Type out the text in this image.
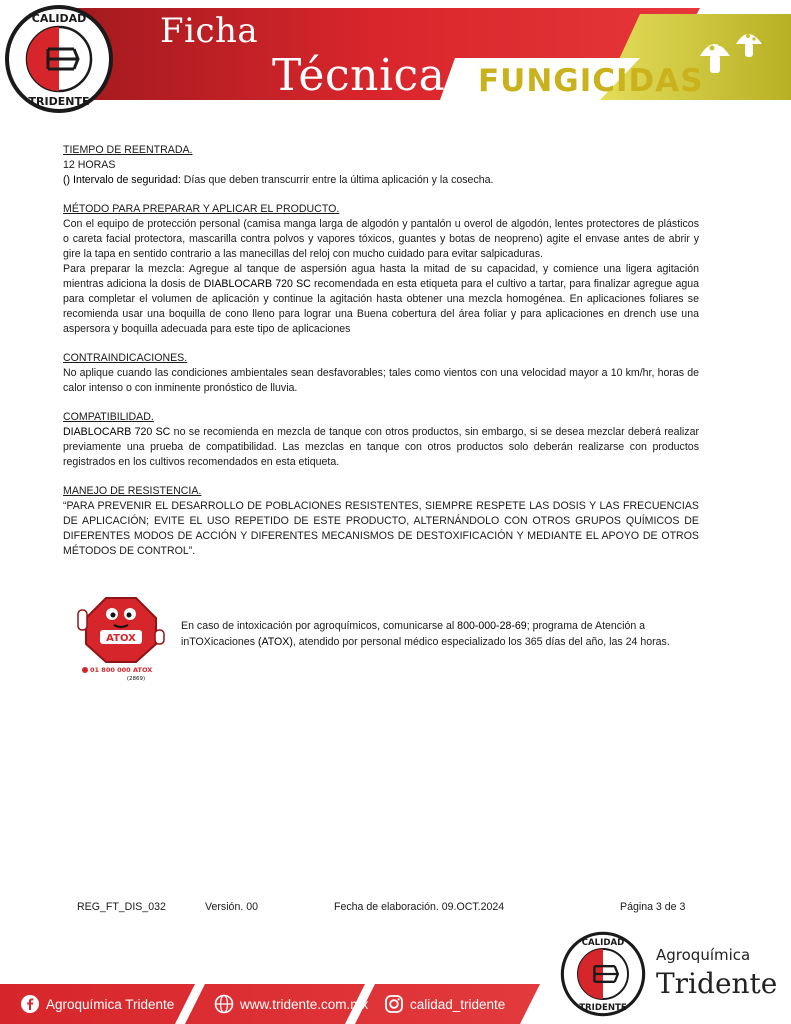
CALIDAD
TRIDENTE
Ficha
Técnica FUNGICIDAS

TIEMPO DE REENTRADA.

12 HORAS

() Intervalo de seguridad: Días que deben transcurrir entre la última aplicación y la cosecha.

MÉTODO PARA PREPARAR Y APLICAR EL PRODUCTO.

Con el equipo de protección personal (camisa manga larga de algodón y pantalón u overol de algodón, lentes protectores de plásticos o careta facial protectora, mascarilla contra polvos y vapores tóxicos, guantes y botas de neopreno) agite el envase antes de abrir y gire la tapa en sentido contrario a las manecillas del reloj con mucho cuidado para evitar salpicaduras.

Para preparar la mezcla: Agregue al tanque de aspersión agua hasta la mitad de su capacidad, y comience una ligera agitación mientras adiciona la dosis de DIABLOCARB 720 SC recomendada en esta etiqueta para el cultivo a tartar, para finalizar agregue agua para completar el volumen de aplicación y continue la agitación hasta obtener una mezcla homogénea. En aplicaciones foliares se recomienda usar una boquilla de cono lleno para lograr una Buena cobertura del área foliar y para aplicaciones en drench use una aspersora y boquilla adecuada para este tipo de aplicaciones

CONTRAINDICACIONES.

No aplique cuando las condiciones ambientales sean desfavorables; tales como vientos con una velocidad mayor a 10 km/hr, horas de calor intenso o con inminente pronóstico de lluvia.

COMPATIBILIDAD.

DIABLOCARB 720 SC no se recomienda en mezcla de tanque con otros productos, sin embargo, si se desea mezclar deberá realizar previamente una prueba de compatibilidad. Las mezclas en tanque con otros productos solo deberán realizarse con productos registrados en los cultivos recomendados en esta etiqueta.

MANEJO DE RESISTENCIA.

“PARA PREVENIR EL DESARROLLO DE POBLACIONES RESISTENTES, SIEMPRE RESPETE LAS DOSIS Y LAS FRECUENCIAS DE APLICACIÓN; EVITE EL USO REPETIDO DE ESTE PRODUCTO, ALTERNÁNDOLO CON OTROS GRUPOS QUÍMICOS DE DIFERENTES MODOS DE ACCIÓN Y DIFERENTES MECANISMOS DE DESTOXIFICACIÓN Y MEDIANTE EL APOYO DE OTROS MÉTODOS DE CONTROL”.

ATOX
01 800 000 ATOX
(2869)
En caso de intoxicación por agroquímicos, comunicarse al 800-000-28-69; programa de Atención a inTOXicaciones (ATOX), atendido por personal médico especializado los 365 días del año, las 24 horas.
REG_FT_DIS_032	Versión. 00	Fecha de elaboración. 09.OCT.2024	Página 3 de 3
CALIDAD
TRIDENTE
Agroquímica
Tridente
Agroquímica Tridente	www.tridente.com.mx	calidad_tridente
